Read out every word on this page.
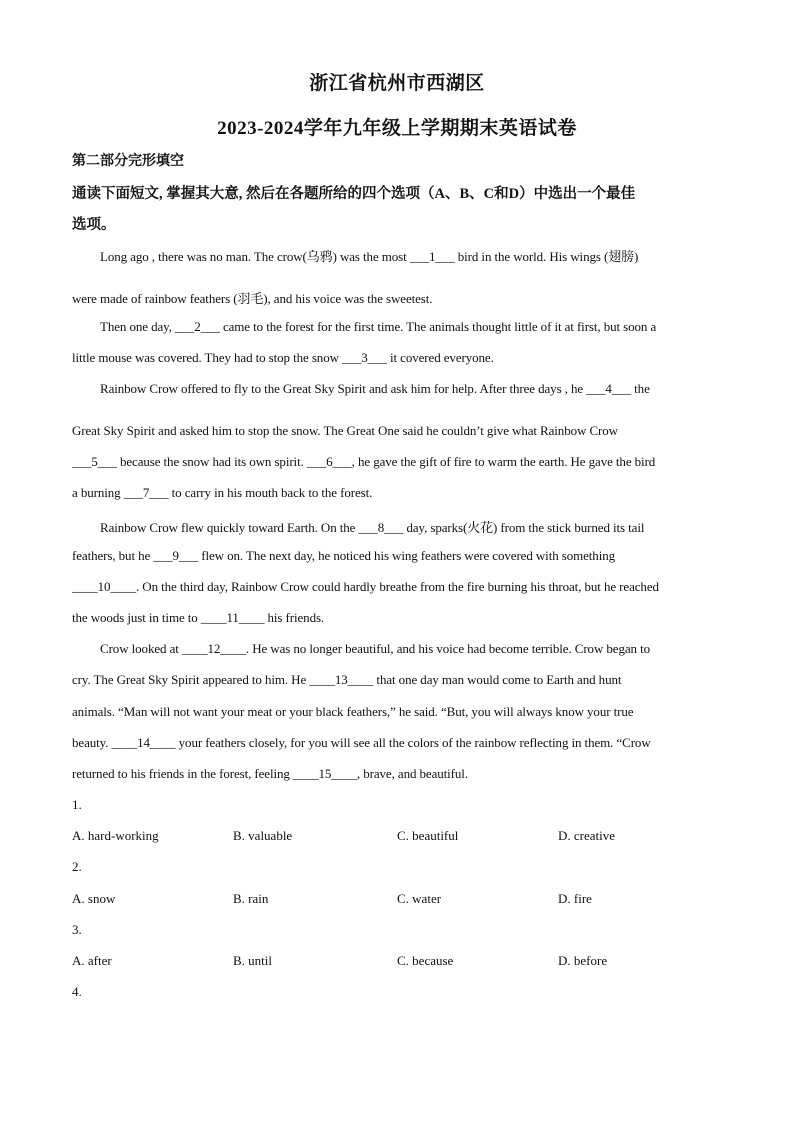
浙江省杭州市西湖区
2023-2024学年九年级上学期期末英语试卷
第二部分完形填空
通读下面短文, 掌握其大意, 然后在各题所给的四个选项（A、B、C和D）中选出一个最佳
选项。
Long ago , there was no man. The crow(乌鸦) was the most ___1___ bird in the world. His wings (翅膀)
were made of rainbow feathers (羽毛), and his voice was the sweetest.
Then one day, ___2___ came to the forest for the first time. The animals thought little of it at first, but soon a
little mouse was covered. They had to stop the snow ___3___ it covered everyone.
Rainbow Crow offered to fly to the Great Sky Spirit and ask him for help. After three days , he ___4___ the
Great Sky Spirit and asked him to stop the snow. The Great One said he couldn’t give what Rainbow Crow
___5___ because the snow had its own spirit. ___6___, he gave the gift of fire to warm the earth. He gave the bird
a burning ___7___ to carry in his mouth back to the forest.
Rainbow Crow flew quickly toward Earth. On the ___8___ day, sparks(火花) from the stick burned its tail
feathers, but he ___9___ flew on. The next day, he noticed his wing feathers were covered with something
____10____. On the third day, Rainbow Crow could hardly breathe from the fire burning his throat, but he reached
the woods just in time to ____11____ his friends.
Crow looked at ____12____. He was no longer beautiful, and his voice had become terrible. Crow began to
cry. The Great Sky Spirit appeared to him. He ____13____ that one day man would come to Earth and hunt
animals. “Man will not want your meat or your black feathers,” he said. “But, you will always know your true
beauty. ____14____ your feathers closely, for you will see all the colors of the rainbow reflecting in them. “Crow
returned to his friends in the forest, feeling ____15____, brave, and beautiful.
1.
A. hard-working	B. valuable	C. beautiful	D. creative
2.
A. snow	B. rain	C. water	D. fire
3.
A. after	B. until	C. because	D. before
4.
